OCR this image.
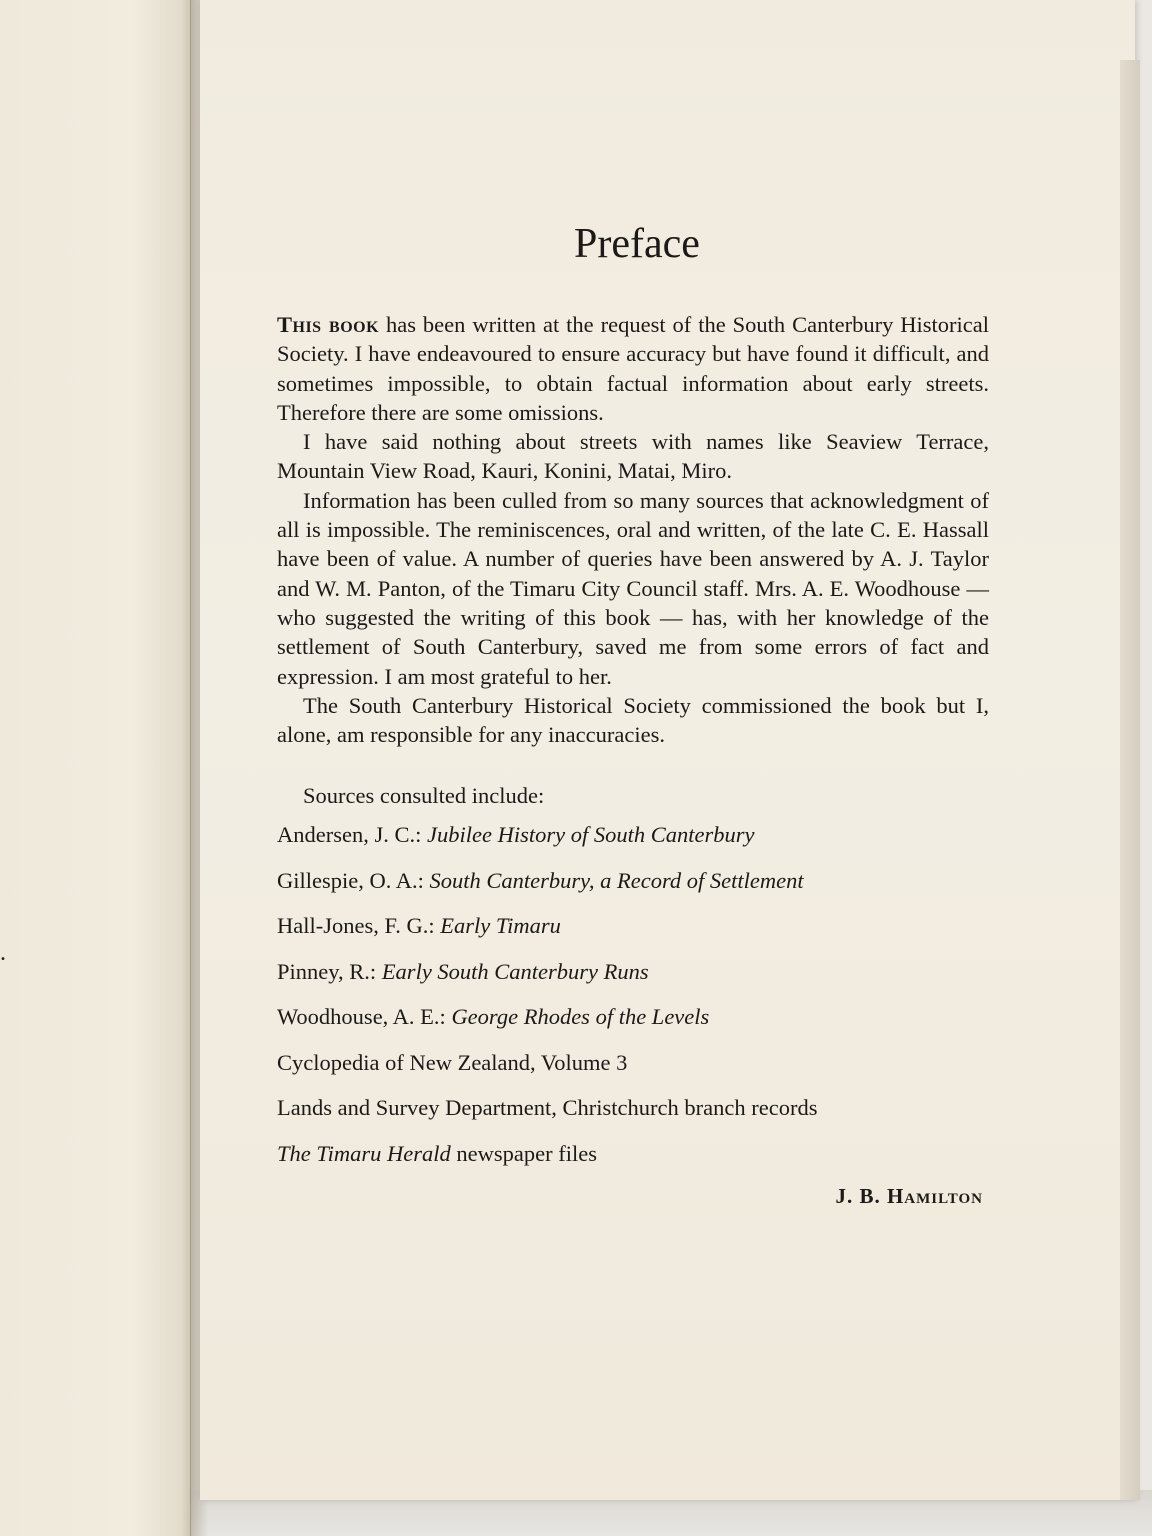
.
Preface

This book has been written at the request of the South Canterbury Historical Society. I have endeavoured to ensure accuracy but have found it difficult, and sometimes impossible, to obtain factual information about early streets. Therefore there are some omissions.

I have said nothing about streets with names like Seaview Terrace, Mountain View Road, Kauri, Konini, Matai, Miro.

Information has been culled from so many sources that acknowledgment of all is impossible. The reminiscences, oral and written, of the late C. E. Hassall have been of value. A number of queries have been answered by A. J. Taylor and W. M. Panton, of the Timaru City Council staff. Mrs. A. E. Woodhouse — who suggested the writing of this book — has, with her knowledge of the settlement of South Canterbury, saved me from some errors of fact and expression. I am most grateful to her.

The South Canterbury Historical Society commissioned the book but I, alone, am responsible for any inaccuracies.

Sources consulted include:
Andersen, J. C.: Jubilee History of South Canterbury
Gillespie, O. A.: South Canterbury, a Record of Settlement
Hall-Jones, F. G.: Early Timaru
Pinney, R.: Early South Canterbury Runs
Woodhouse, A. E.: George Rhodes of the Levels
Cyclopedia of New Zealand, Volume 3
Lands and Survey Department, Christchurch branch records
The Timaru Herald newspaper files
J. B. Hamilton
